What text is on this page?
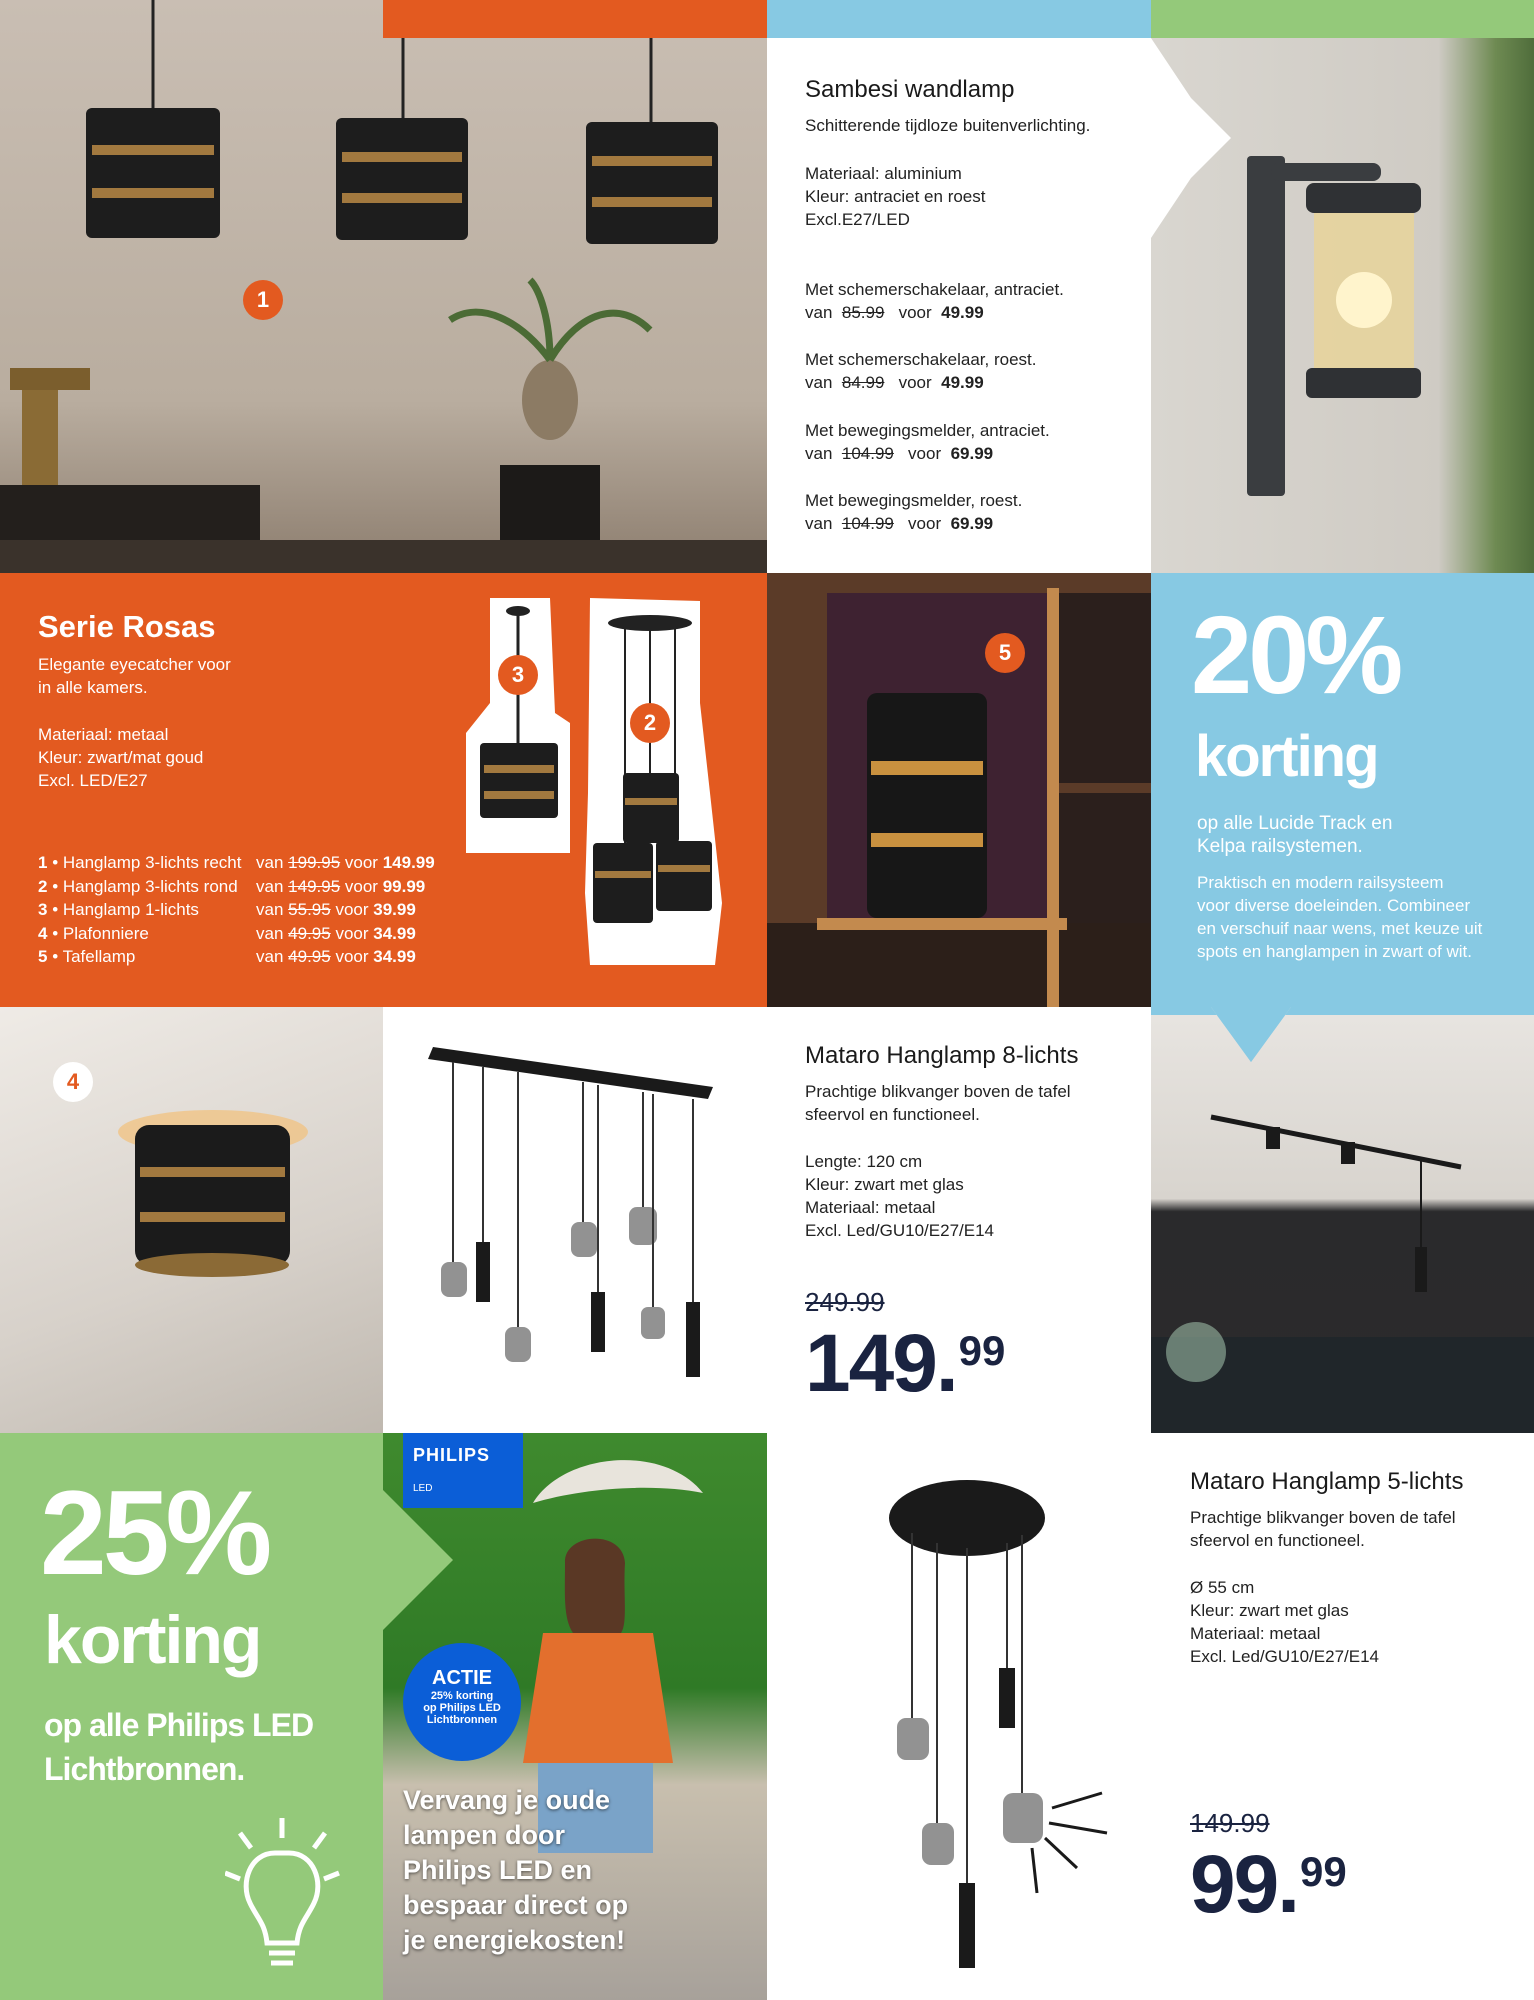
1
Sambesi wandlamp
Schitterende tijdloze buitenverlichting.
Materiaal: aluminium
Kleur: antraciet en roest
Excl.E27/LED
Met schemerschakelaar, antraciet.
van 85.99 voor 49.99
Met schemerschakelaar, roest.
van 84.99 voor 49.99
Met bewegingsmelder, antraciet.
van 104.99 voor 69.99
Met bewegingsmelder, roest.
van 104.99 voor 69.99
Serie Rosas
Elegante eyecatcher voor
in alle kamers.
Materiaal: metaal
Kleur: zwart/mat goud
Excl. LED/E27
1 • Hanglamp 3-lichts recht van 199.95 voor 149.99
2 • Hanglamp 3-lichts rond van 149.95 voor 99.99
3 • Hanglamp 1-lichts	van 55.95 voor 39.99
4 • Plafonniere	van 49.95 voor 34.99
5 • Tafellamp	van 49.95 voor 34.99
3
2
5 20%
korting
op alle Lucide Track en
Kelpa railsystemen.
Praktisch en modern railsysteem
voor diverse doeleinden. Combineer
en verschuif naar wens, met keuze uit
spots en hanglampen in zwart of wit.
4
Mataro Hanglamp 8-lichts
Prachtige blikvanger boven de tafel
sfeervol en functioneel.
Lengte: 120 cm
Kleur: zwart met glas
Materiaal: metaal
Excl. Led/GU10/E27/E14
249.99
149.99
25%
korting
op alle Philips LED
Lichtbronnen.
PHILIPS
LED
ACTIE
25% korting
op Philips LED
Lichtbronnen
Vervang je oude
lampen door
Philips LED en
bespaar direct op
je energiekosten!
Mataro Hanglamp 5-lichts
Prachtige blikvanger boven de tafel
sfeervol en functioneel.
Ø 55 cm
Kleur: zwart met glas
Materiaal: metaal
Excl. Led/GU10/E27/E14
149.99
99.99
